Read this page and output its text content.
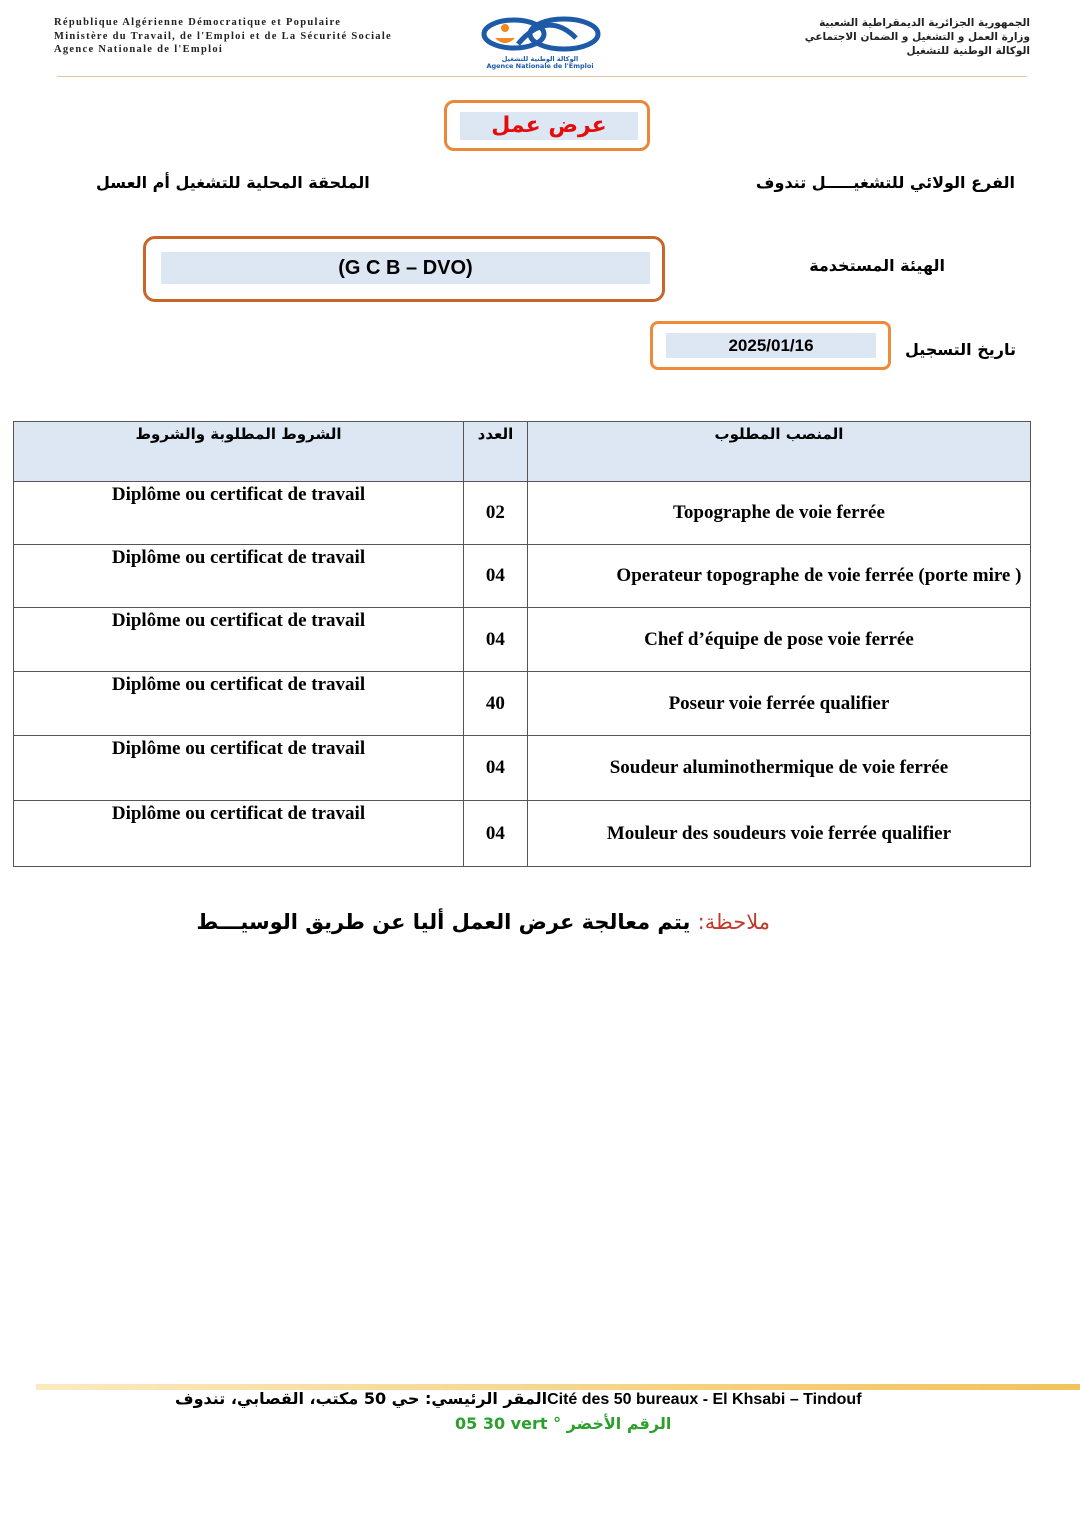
République Algérienne Démocratique et Populaire
Ministère du Travail, de l'Emploi et de La Sécurité Sociale
Agence Nationale de l'Emploi
الوكالة الوطنية للتشغيل
Agence Nationale de l'Emploi
الجمهورية الجزائرية الديمقراطية الشعبية
وزارة العمل و التشغيل و الضمان الاجتماعي
الوكالة الوطنية للتشغيل
عرض عمل
الفرع الولائي للتشغيـــــل تندوف
الملحقة المحلية للتشغيل أم العسل
الهيئة المستخدمة
(G C B – DVO)
تاريخ التسجيل
2025/01/16
الشروط المطلوبة والشروط	العدد	المنصب المطلوب
Diplôme ou certificat de travail	02	Topographe de voie ferrée
Diplôme ou certificat de travail	04	Operateur topographe de voie ferrée (porte mire )
Diplôme ou certificat de travail	04	Chef d’équipe de pose voie ferrée
Diplôme ou certificat de travail	40	Poseur voie ferrée qualifier
Diplôme ou certificat de travail	04	Soudeur aluminothermique de voie ferrée
Diplôme ou certificat de travail	04	Mouleur des soudeurs voie ferrée qualifier
ملاحظة: يتم معالجة عرض العمل أليا عن طريق الوسيـــط
المقر الرئيسي: حي 50 مكتب، القصابي، تندوفCité des 50 bureaux - El Khsabi – Tindouf
05 30 vert ° الرقم الأخضر
